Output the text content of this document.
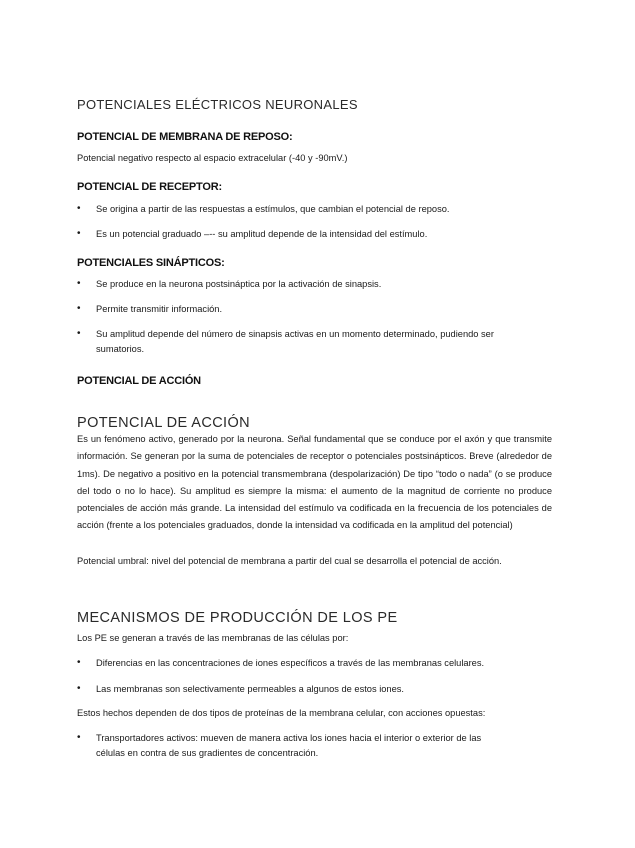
POTENCIALES ELÉCTRICOS NEURONALES
POTENCIAL DE MEMBRANA DE REPOSO:
Potencial negativo respecto al espacio extracelular (-40 y -90mV.)
POTENCIAL DE RECEPTOR:
• Se origina a partir de las respuestas a estímulos, que cambian el potencial de reposo.
• Es un potencial graduado –-- su amplitud depende de la intensidad del estímulo.
POTENCIALES SINÁPTICOS:
• Se produce en la neurona postsináptica por la activación de sinapsis.
• Permite transmitir información.
• Su amplitud depende del número de sinapsis activas en un momento determinado, pudiendo ser
sumatorios.
POTENCIAL DE ACCIÓN
POTENCIAL DE ACCIÓN
Es un fenómeno activo, generado por la neurona. Señal fundamental que se conduce por el axón y que transmite información. Se generan por la suma de potenciales de receptor o potenciales postsinápticos. Breve (alrededor de 1ms). De negativo a positivo en la potencial transmembrana (despolarización) De tipo “todo o nada” (o se produce del todo o no lo hace). Su amplitud es siempre la misma: el aumento de la magnitud de corriente no produce potenciales de acción más grande. La intensidad del estímulo va codificada en la frecuencia de los potenciales de acción (frente a los potenciales graduados, donde la intensidad va codificada en la amplitud del potencial)
Potencial umbral: nivel del potencial de membrana a partir del cual se desarrolla el potencial de acción.
MECANISMOS DE PRODUCCIÓN DE LOS PE
Los PE se generan a través de las membranas de las células por:
• Diferencias en las concentraciones de iones específicos a través de las membranas celulares.
• Las membranas son selectivamente permeables a algunos de estos iones.
Estos hechos dependen de dos tipos de proteínas de la membrana celular, con acciones opuestas:
• Transportadores activos: mueven de manera activa los iones hacia el interior o exterior de las
células en contra de sus gradientes de concentración.
